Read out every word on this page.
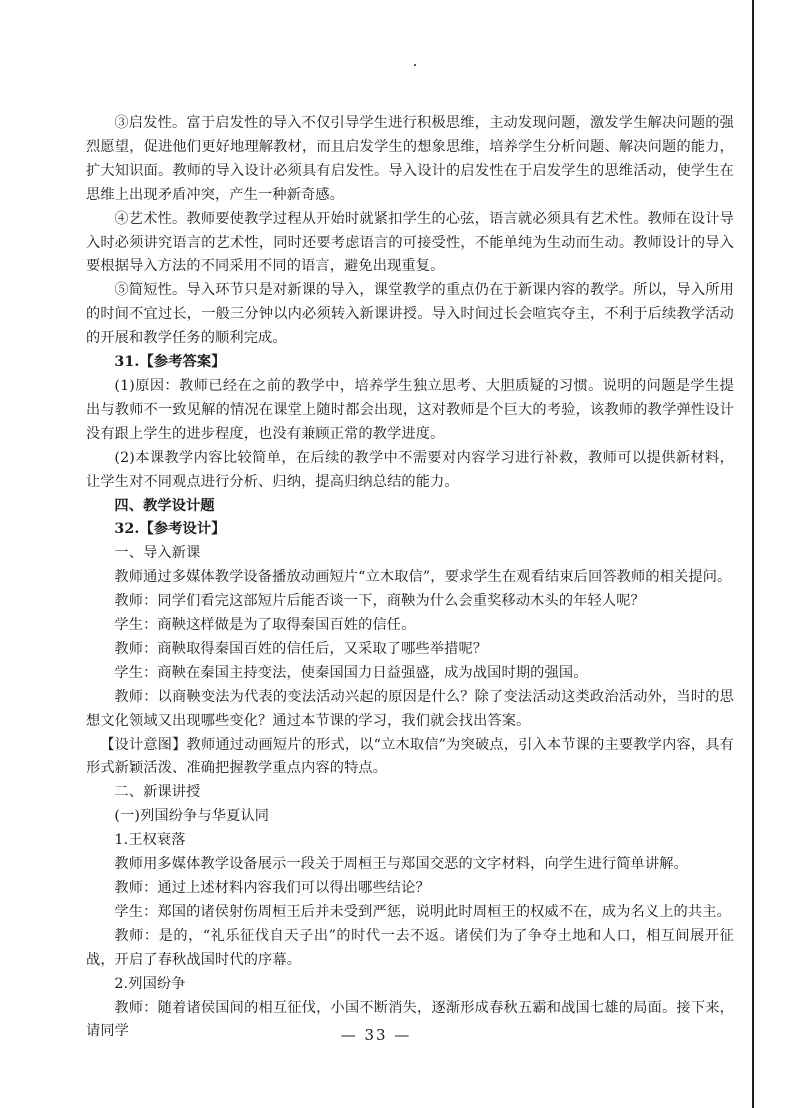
③启发性。富于启发性的导入不仅引导学生进行积极思维，主动发现问题，激发学生解决问题的强烈愿望，促进他们更好地理解教材，而且启发学生的想象思维，培养学生分析问题、解决问题的能力，扩大知识面。教师的导入设计必须具有启发性。导入设计的启发性在于启发学生的思维活动，使学生在思维上出现矛盾冲突，产生一种新奇感。

④艺术性。教师要使教学过程从开始时就紧扣学生的心弦，语言就必须具有艺术性。教师在设计导入时必须讲究语言的艺术性，同时还要考虑语言的可接受性，不能单纯为生动而生动。教师设计的导入要根据导入方法的不同采用不同的语言，避免出现重复。

⑤简短性。导入环节只是对新课的导入，课堂教学的重点仍在于新课内容的教学。所以，导入所用的时间不宜过长，一般三分钟以内必须转入新课讲授。导入时间过长会喧宾夺主，不利于后续教学活动的开展和教学任务的顺利完成。

31.【参考答案】

(1)原因：教师已经在之前的教学中，培养学生独立思考、大胆质疑的习惯。说明的问题是学生提出与教师不一致见解的情况在课堂上随时都会出现，这对教师是个巨大的考验，该教师的教学弹性设计没有跟上学生的进步程度，也没有兼顾正常的教学进度。

(2)本课教学内容比较简单，在后续的教学中不需要对内容学习进行补救，教师可以提供新材料，让学生对不同观点进行分析、归纳，提高归纳总结的能力。

四、教学设计题

32.【参考设计】

一、导入新课

教师通过多媒体教学设备播放动画短片“立木取信”，要求学生在观看结束后回答教师的相关提问。

教师：同学们看完这部短片后能否谈一下，商鞅为什么会重奖移动木头的年轻人呢？

学生：商鞅这样做是为了取得秦国百姓的信任。

教师：商鞅取得秦国百姓的信任后，又采取了哪些举措呢？

学生：商鞅在秦国主持变法，使秦国国力日益强盛，成为战国时期的强国。

教师：以商鞅变法为代表的变法活动兴起的原因是什么？除了变法活动这类政治活动外，当时的思想文化领域又出现哪些变化？通过本节课的学习，我们就会找出答案。

【设计意图】教师通过动画短片的形式，以“立木取信”为突破点，引入本节课的主要教学内容，具有形式新颖活泼、准确把握教学重点内容的特点。

二、新课讲授

(一)列国纷争与华夏认同

1.王权衰落

教师用多媒体教学设备展示一段关于周桓王与郑国交恶的文字材料，向学生进行简单讲解。

教师：通过上述材料内容我们可以得出哪些结论？

学生：郑国的诸侯射伤周桓王后并未受到严惩，说明此时周桓王的权威不在，成为名义上的共主。

教师：是的，“礼乐征伐自天子出”的时代一去不返。诸侯们为了争夺土地和人口，相互间展开征战，开启了春秋战国时代的序幕。

2.列国纷争

教师：随着诸侯国间的相互征伐，小国不断消失，逐渐形成春秋五霸和战国七雄的局面。接下来，请同学	— 33 —
